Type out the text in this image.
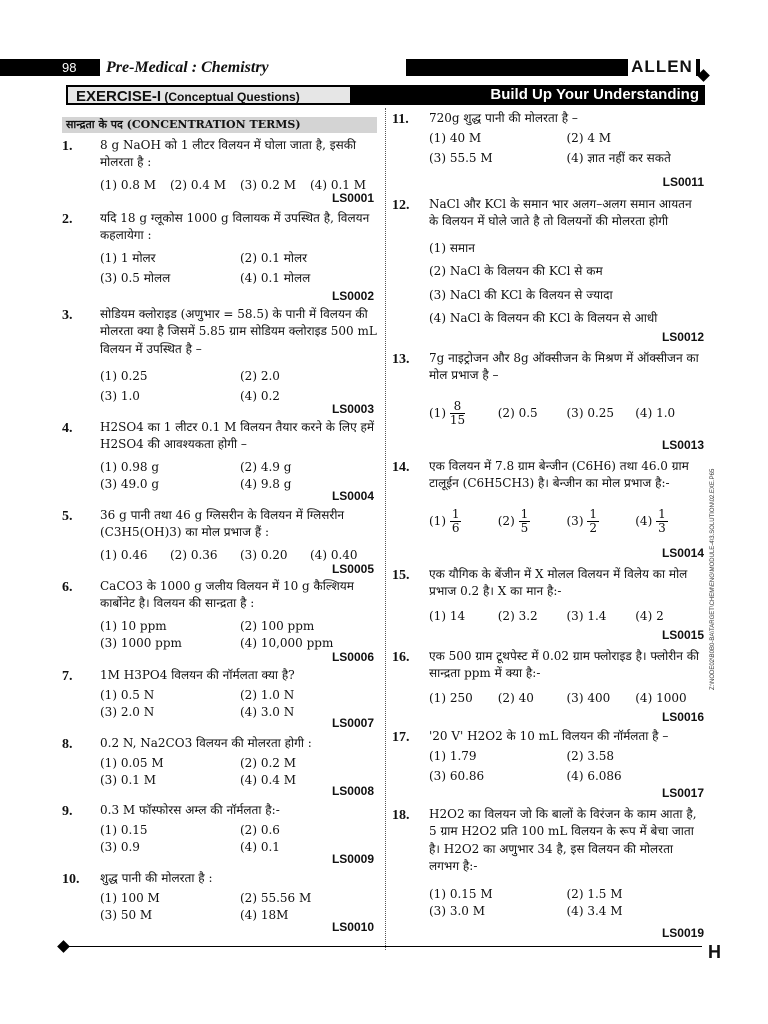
98	Pre-Medical : Chemistry	ALLEN
EXERCISE-I (Conceptual Questions)	Build Up Your Understanding
सान्द्रता के पद (CONCENTRATION TERMS)
1. 8 g NaOH को 1 लीटर विलयन में घोला जाता है, इसकी मोलरता है :
(1) 0.8 M	(2) 0.4 M	(3) 0.2 M	(4) 0.1 M
LS0001
2. यदि 18 g ग्लूकोस 1000 g विलायक में उपस्थित है, विलयन कहलायेगा :
(1) 1 मोलर	(2) 0.1 मोलर
(3) 0.5 मोलल	(4) 0.1 मोलल
LS0002
3. सोडियम क्लोराइड (अणुभार = 58.5) के पानी में विलयन की मोलरता क्या है जिसमें 5.85 ग्राम सोडियम क्लोराइड 500 mL विलयन में उपस्थित है –
(1) 0.25	(2) 2.0
(3) 1.0	(4) 0.2
LS0003
4. H2SO4 का 1 लीटर 0.1 M विलयन तैयार करने के लिए हमें H2SO4 की आवश्यकता होगी –
(1) 0.98 g	(2) 4.9 g
(3) 49.0 g	(4) 9.8 g
LS0004
5. 36 g पानी तथा 46 g ग्लिसरीन के विलयन में ग्लिसरीन (C3H5(OH)3) का मोल प्रभाज हैं :
(1) 0.46	(2) 0.36	(3) 0.20	(4) 0.40
LS0005
6. CaCO3 के 1000 g जलीय विलयन में 10 g कैल्शियम कार्बोनेट है। विलयन की सान्द्रता है :
(1) 10 ppm	(2) 100 ppm
(3) 1000 ppm	(4) 10,000 ppm
LS0006
7. 1M H3PO4 विलयन की नॉर्मलता क्या है?
(1) 0.5 N	(2) 1.0 N
(3) 2.0 N	(4) 3.0 N
LS0007
8. 0.2 N, Na2CO3 विलयन की मोलरता होगी :
(1) 0.05 M	(2) 0.2 M
(3) 0.1 M	(4) 0.4 M
LS0008
9. 0.3 M फॉस्फोरस अम्ल की नॉर्मलता है:-
(1) 0.15	(2) 0.6
(3) 0.9	(4) 0.1
LS0009
10. शुद्ध पानी की मोलरता है :
(1) 100 M	(2) 55.56 M
(3) 50 M	(4) 18M
LS0010
11. 720g शुद्ध पानी की मोलरता है –
(1) 40 M	(2) 4 M
(3) 55.5 M	(4) ज्ञात नहीं कर सकते
LS0011
12. NaCl और KCl के समान भार अलग–अलग समान आयतन के विलयन में घोले जाते है तो विलयनों की मोलरता होगी
(1) समान
(2) NaCl के विलयन की KCl से कम
(3) NaCl की KCl के विलयन से ज्यादा
(4) NaCl के विलयन की KCl के विलयन से आधी
LS0012
13. 7g नाइट्रोजन और 8g ऑक्सीजन के मिश्रण में ऑक्सीजन का मोल प्रभाज है –
$(1) \frac{8}{15}$	(2) 0.5	(3) 0.25	(4) 1.0
LS0013
14. एक विलयन में 7.8 ग्राम बेन्जीन (C6H6) तथा 46.0 ग्राम टालूईन (C6H5CH3) है। बेन्जीन का मोल प्रभाज है:-
$(1) \frac{1}{6}$	$(2) \frac{1}{5}$	$(3) \frac{1}{2}$	$(4) \frac{1}{3}$
LS0014
15. एक यौगिक के बेंजीन में X मोलल विलयन में विलेय का मोल प्रभाज 0.2 है। X का मान है:-
(1) 14	(2) 3.2	(3) 1.4	(4) 2
LS0015
16. एक 500 ग्राम टूथपेस्ट में 0.02 ग्राम फ्लोराइड है। फ्लोरीन की सान्द्रता ppm में क्या है:-
(1) 250	(2) 40	(3) 400	(4) 1000
LS0016
17. '20 V' H2O2 के 10 mL विलयन की नॉर्मलता है –
(1) 1.79	(2) 3.58
(3) 60.86	(4) 6.086
LS0017
18. H2O2 का विलयन जो कि बालों के विरंजन के काम आता है, 5 ग्राम H2O2 प्रति 100 mL विलयन के रूप में बेचा जाता है। H2O2 का अणुभार 34 है, इस विलयन की मोलरता लगभग है:-
(1) 0.15 M	(2) 1.5 M
(3) 3.0 M	(4) 3.4 M
LS0019
Z:\NODE02\B0B0-BA\TARGET\CHEM\ENG\MODULE-4\3.SOLUTION\02.EXE.P65
H
